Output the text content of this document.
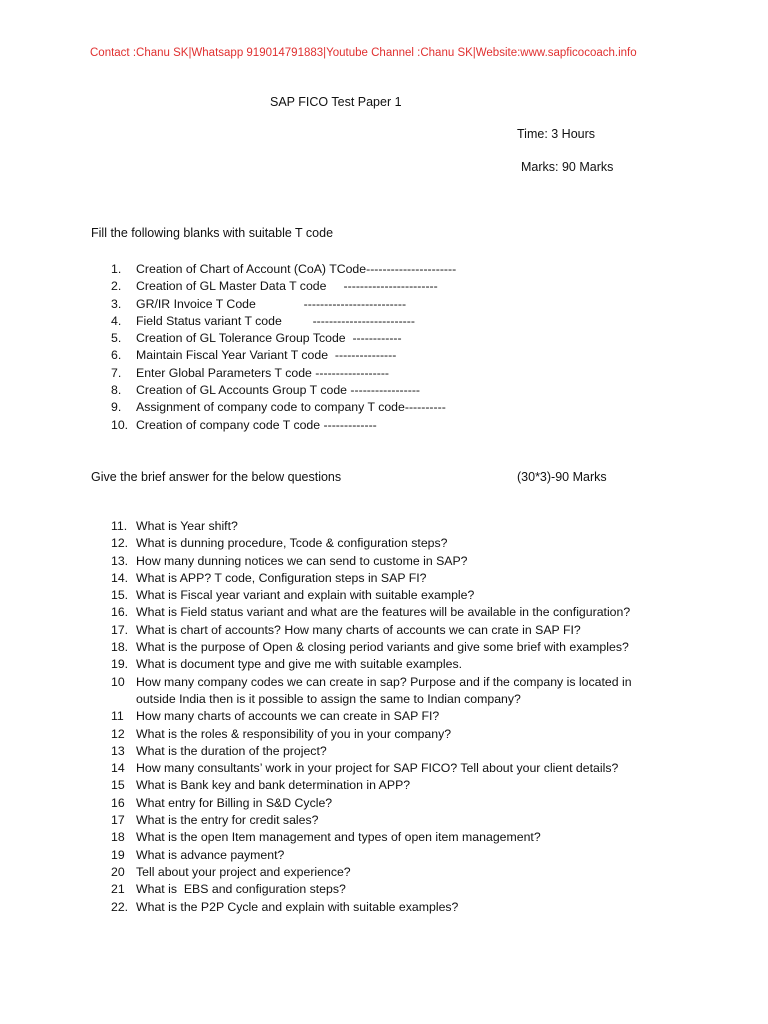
Contact :Chanu SK|Whatsapp 919014791883|Youtube Channel :Chanu SK|Website:www.sapficocoach.info
SAP FICO Test Paper 1
Time: 3 Hours
Marks: 90 Marks
Fill the following blanks with suitable T code
1. Creation of Chart of Account (CoA) TCode----------------------
2. Creation of GL Master Data T code     -----------------------
3. GR/IR Invoice T Code              -------------------------
4. Field Status variant T code         -------------------------
5. Creation of GL Tolerance Group Tcode  ------------
6. Maintain Fiscal Year Variant T code  ---------------
7. Enter Global Parameters T code ------------------
8. Creation of GL Accounts Group T code -----------------
9. Assignment of company code to company T code----------
10. Creation of company code T code -------------
Give the brief answer for the below questions	(30*3)-90 Marks
11. What is Year shift?
12. What is dunning procedure, Tcode & configuration steps?
13. How many dunning notices we can send to custome in SAP?
14. What is APP? T code, Configuration steps in SAP FI?
15. What is Fiscal year variant and explain with suitable example?
16. What is Field status variant and what are the features will be available in the configuration?
17. What is chart of accounts? How many charts of accounts we can crate in SAP FI?
18. What is the purpose of Open & closing period variants and give some brief with examples?
19. What is document type and give me with suitable examples.
10 How many company codes we can create in sap? Purpose and if the company is located in
outside India then is it possible to assign the same to Indian company?
11 How many charts of accounts we can create in SAP FI?
12 What is the roles & responsibility of you in your company?
13 What is the duration of the project?
14 How many consultants’ work in your project for SAP FICO? Tell about your client details?
15 What is Bank key and bank determination in APP?
16 What entry for Billing in S&D Cycle?
17 What is the entry for credit sales?
18 What is the open Item management and types of open item management?
19 What is advance payment?
20 Tell about your project and experience?
21 What is  EBS and configuration steps?
22. What is the P2P Cycle and explain with suitable examples?
